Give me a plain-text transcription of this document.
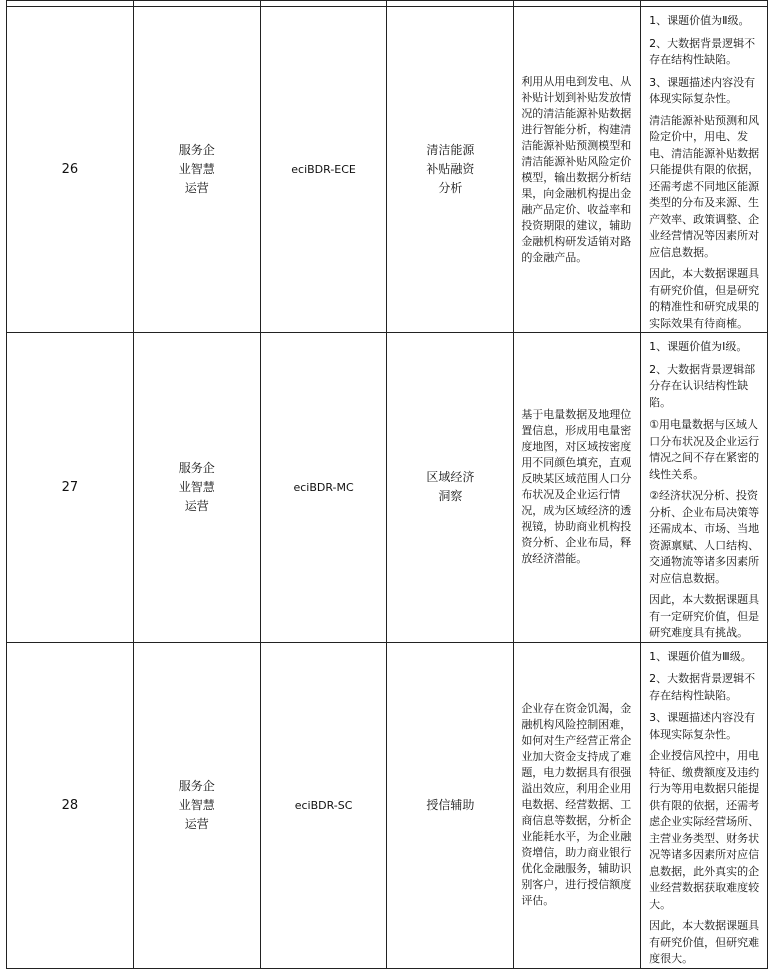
26	服务企业智慧运营	eciBDR-ECE	清洁能源补贴融资分析	利用从用电到发电、从补贴计划到补贴发放情况的清洁能源补贴数据进行智能分析，构建清洁能源补贴预测模型和清洁能源补贴风险定价模型，输出数据分析结果，向金融机构提出金融产品定价、收益率和投资期限的建议，辅助金融机构研发适销对路的金融产品。	1、课题价值为Ⅱ级。

2、大数据背景逻辑不存在结构性缺陷。

3、课题描述内容没有体现实际复杂性。

清洁能源补贴预测和风险定价中，用电、发电、清洁能源补贴数据只能提供有限的依据，还需考虑不同地区能源类型的分布及来源、生产效率、政策调整、企业经营情况等因素所对应信息数据。

因此，本大数据课题具有研究价值，但是研究的精准性和研究成果的实际效果有待商榷。

27	服务企业智慧运营	eciBDR-MC	区域经济洞察	基于电量数据及地理位置信息，形成用电量密度地图，对区域按密度用不同颜色填充，直观反映某区域范围人口分布状况及企业运行情况，成为区域经济的透视镜，协助商业机构投资分析、企业布局，释放经济潜能。	1、课题价值为Ⅰ级。

2、大数据背景逻辑部分存在认识结构性缺陷。

①用电量数据与区域人口分布状况及企业运行情况之间不存在紧密的线性关系。

②经济状况分析、投资分析、企业布局决策等还需成本、市场、当地资源禀赋、人口结构、交通物流等诸多因素所对应信息数据。

因此，本大数据课题具有一定研究价值，但是研究难度具有挑战。

28	服务企业智慧运营	eciBDR-SC	授信辅助	企业存在资金饥渴，金融机构风险控制困难，如何对生产经营正常企业加大资金支持成了难题，电力数据具有很强溢出效应，利用企业用电数据、经营数据、工商信息等数据，分析企业能耗水平，为企业融资增信，助力商业银行优化金融服务，辅助识别客户，进行授信额度评估。	1、课题价值为Ⅲ级。

2、大数据背景逻辑不存在结构性缺陷。

3、课题描述内容没有体现实际复杂性。

企业授信风控中，用电特征、缴费额度及违约行为等用电数据只能提供有限的依据，还需考虑企业实际经营场所、主营业务类型、财务状况等诸多因素所对应信息数据，此外真实的企业经营数据获取难度较大。

因此，本大数据课题具有研究价值，但研究难度很大。
